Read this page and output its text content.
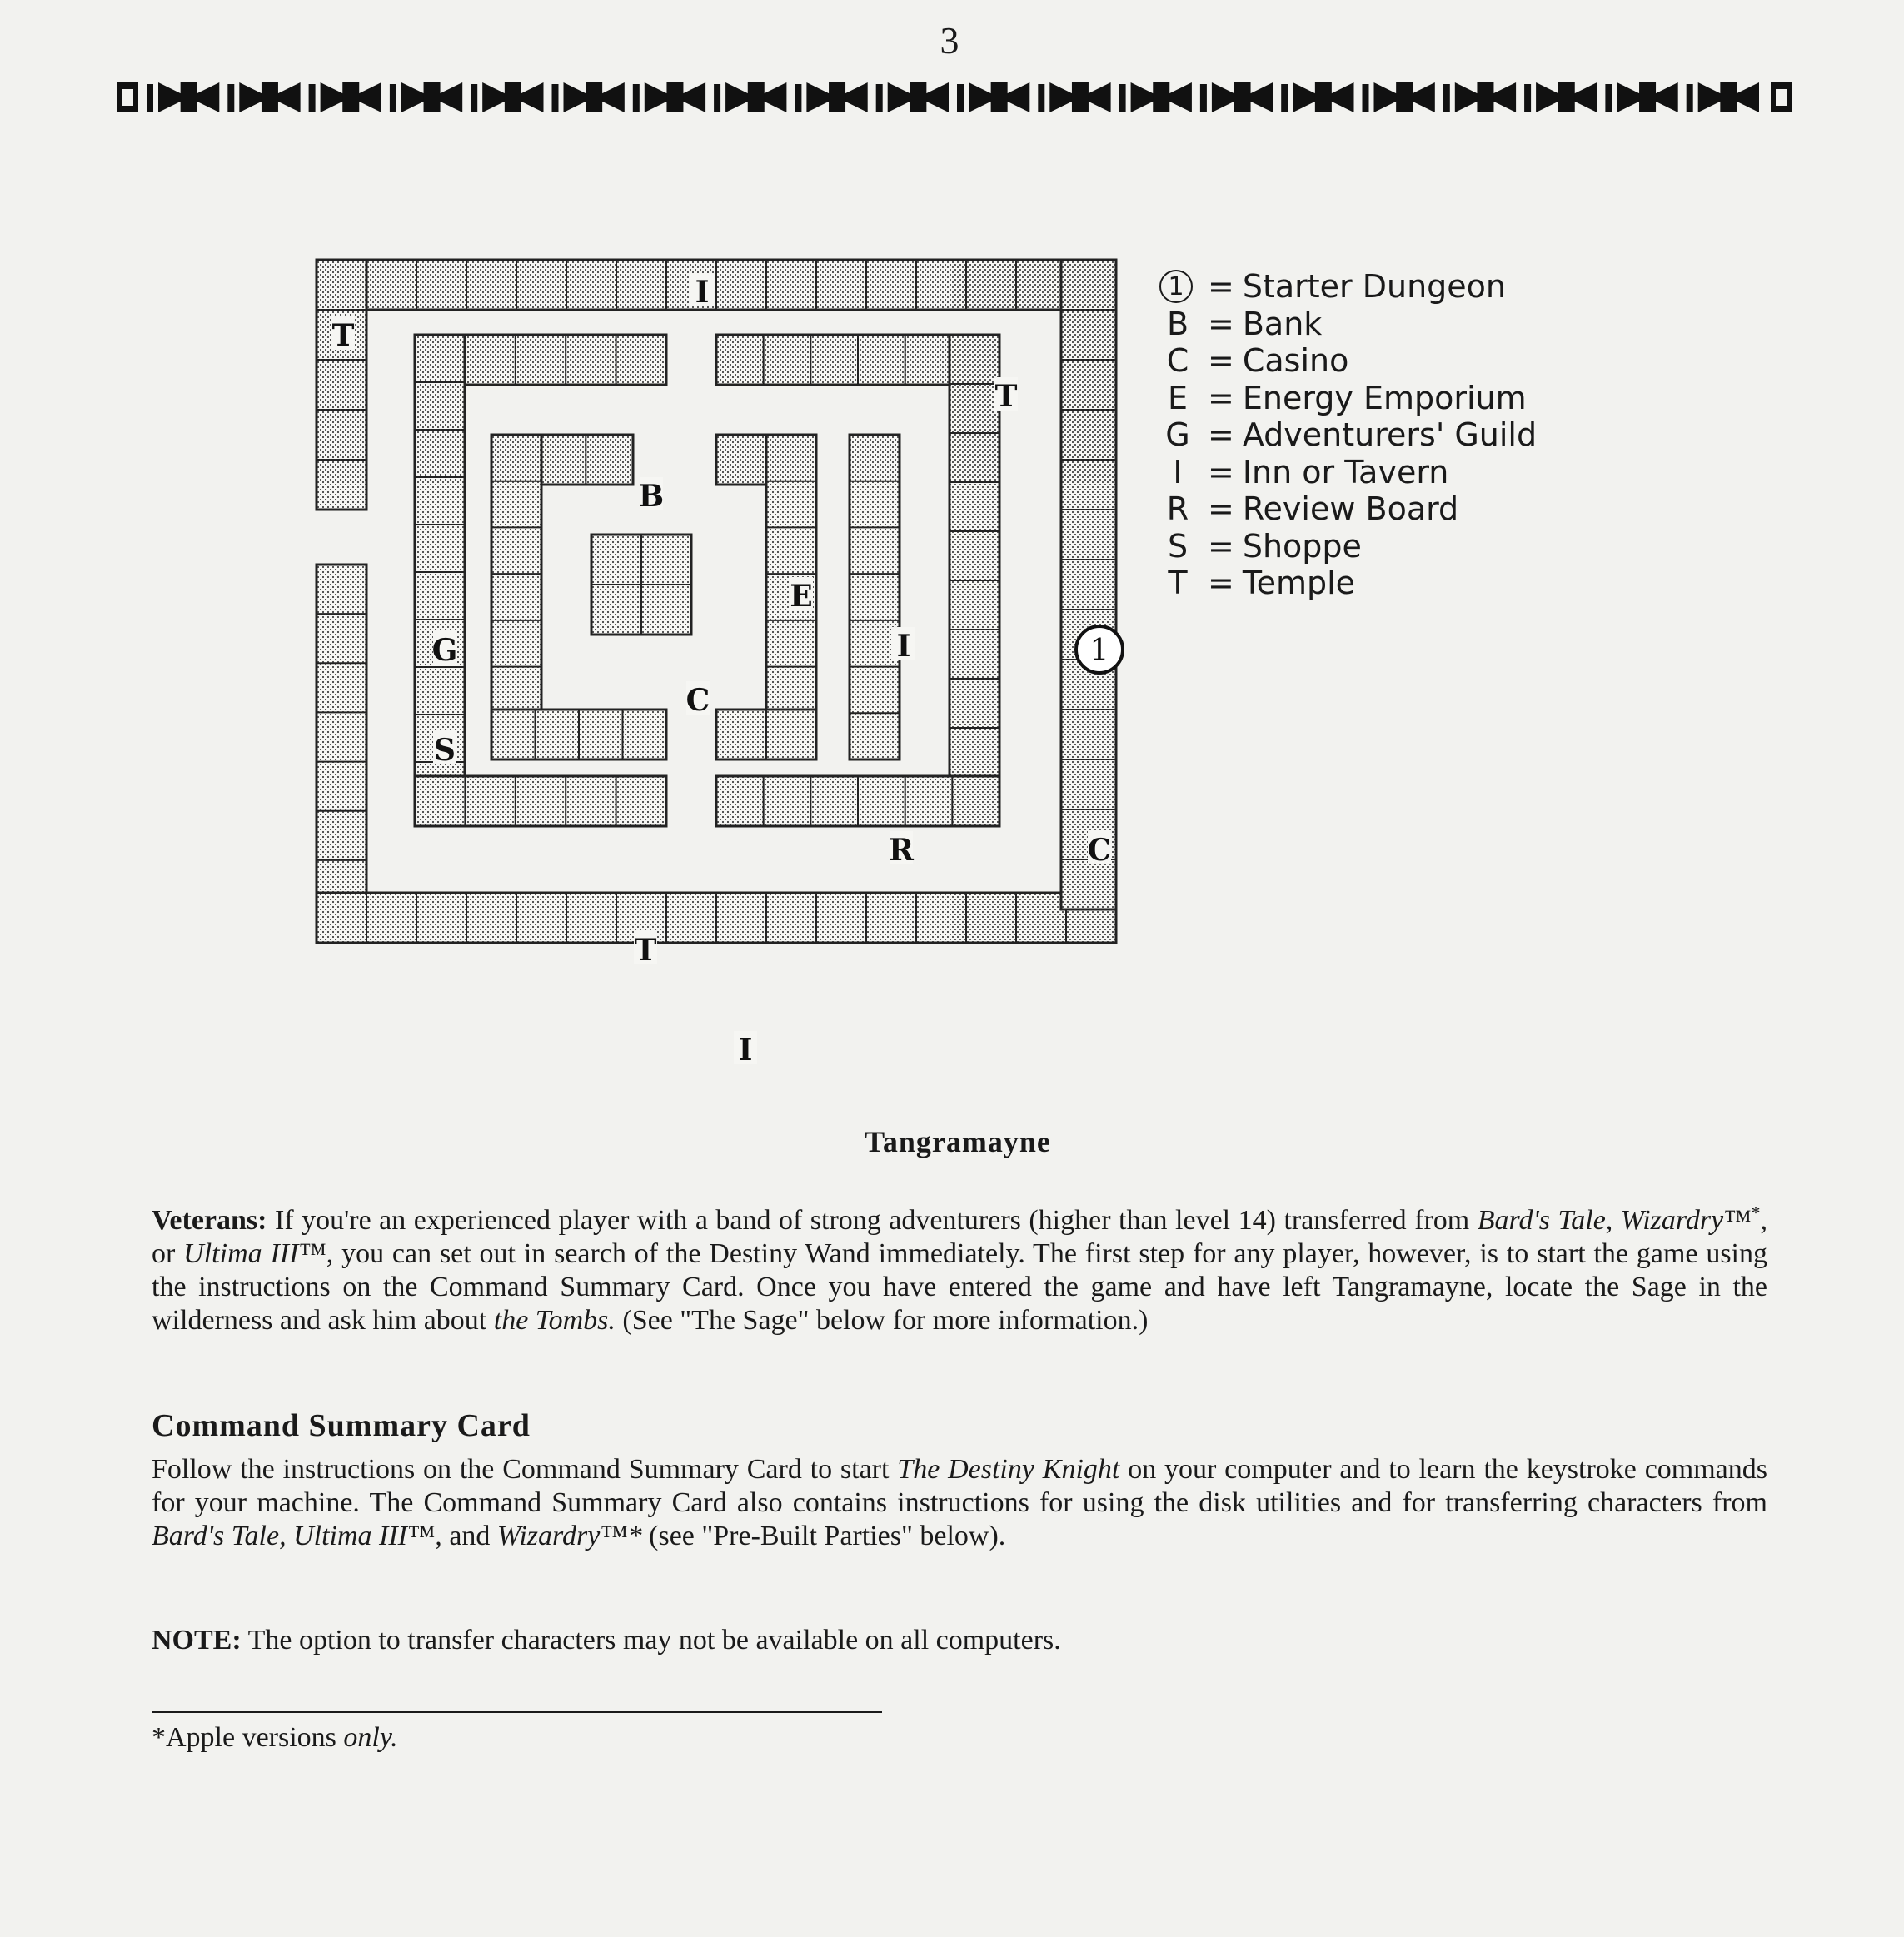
3
I
T
T
B
E
I
G
C
S
R	C
T
I
1
1 = Starter Dungeon
B = Bank
C = Casino
E = Energy Emporium
G = Adventurers' Guild
I = Inn or Tavern
R = Review Board
S = Shoppe
T = Temple
Tangramayne
Veterans: If you're an experienced player with a band of strong adventurers (higher than level 14) transferred from Bard's Tale, Wizardry™*, or Ultima III™, you can set out in search of the Destiny Wand immediately. The first step for any player, however, is to start the game using the instructions on the Command Summary Card. Once you have entered the game and have left Tangramayne, locate the Sage in the wilderness and ask him about the Tombs. (See "The Sage" below for more information.)
Command Summary Card
Follow the instructions on the Command Summary Card to start The Destiny Knight on your computer and to learn the keystroke commands for your machine. The Command Summary Card also contains instructions for using the disk utilities and for transferring characters from Bard's Tale, Ultima III™, and Wizardry™* (see "Pre-Built Parties" below).
NOTE: The option to transfer characters may not be available on all computers.
*Apple versions only.
